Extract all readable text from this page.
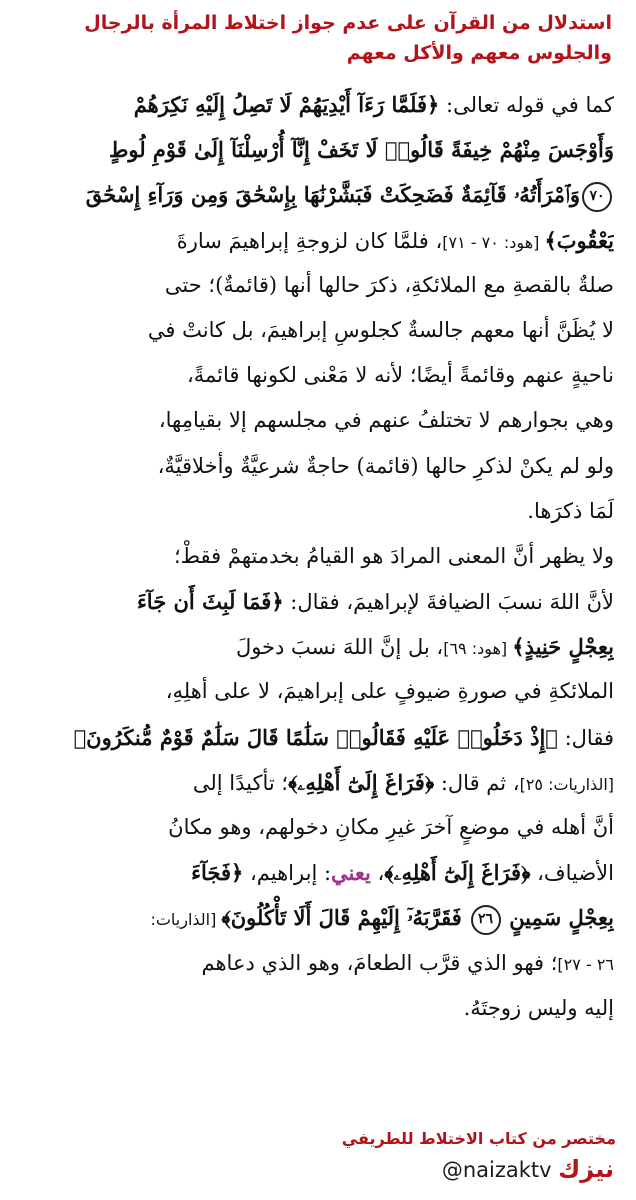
استدلال من القرآن على عدم جواز اختلاط المرأة بالرجال
والجلوس معهم والأكل معهم
كما في قوله تعالى: ﴿فَلَمَّا رَءَآ أَيْدِيَهُمْ لَا تَصِلُ إِلَيْهِ نَكِرَهُمْ
وَأَوْجَسَ مِنْهُمْ خِيفَةً قَالُوا۟ لَا تَخَفْ إِنَّآ أُرْسِلْنَآ إِلَىٰ قَوْمِ لُوطٍ
٧٠وَٱمْرَأَتُهُۥ قَآئِمَةٌ فَضَحِكَتْ فَبَشَّرْنَٰهَا بِإِسْحَٰقَ وَمِن وَرَآءِ إِسْحَٰقَ
يَعْقُوبَ﴾ [هود: ٧٠ - ٧١]، فلمَّا كان لزوجةِ إبراهيمَ سارةَ
صلةٌ بالقصةِ مع الملائكةِ، ذكرَ حالها أنها (قائمةٌ)؛ حتى
لا يُظَنَّ أنها معهم جالسةٌ كجلوسِ إبراهيمَ، بل كانتْ في
ناحيةٍ عنهم وقائمةً أيضًا؛ لأنه لا مَعْنى لكونها قائمةً،
وهي بجوارهم لا تختلفُ عنهم في مجلسهم إلا بقيامِها،
ولو لم يكنْ لذكرِ حالها (قائمة) حاجةٌ شرعيَّةٌ وأخلاقيَّةٌ،
لَمَا ذكرَها.
ولا يظهر أنَّ المعنى المرادَ هو القيامُ بخدمتهمْ فقطْ؛
لأنَّ اللهَ نسبَ الضيافةَ لإبراهيمَ، فقال: ﴿فَمَا لَبِثَ أَن جَآءَ
بِعِجْلٍ حَنِيذٍ﴾ [هود: ٦٩]، بل إنَّ اللهَ نسبَ دخولَ
الملائكةِ في صورةِ ضيوفٍ على إبراهيمَ، لا على أهلِهِ،
فقال: ﴿إِذْ دَخَلُوا۟ عَلَيْهِ فَقَالُوا۟ سَلَٰمًا قَالَ سَلَٰمٌ قَوْمٌ مُّنكَرُونَ﴾
[الذاريات: ٢٥]، ثم قال: ﴿فَرَاغَ إِلَىٰٓ أَهْلِهِۦ﴾؛ تأكيدًا إلى
أنَّ أهله في موضعٍ آخرَ غيرِ مكانِ دخولهم، وهو مكانُ
الأضياف، ﴿فَرَاغَ إِلَىٰٓ أَهْلِهِۦ﴾، يعني: إبراهيم، ﴿فَجَآءَ
بِعِجْلٍ سَمِينٍ ٢٦ فَقَرَّبَهُۥٓ إِلَيْهِمْ قَالَ أَلَا تَأْكُلُونَ﴾ [الذاريات:
٢٦ - ٢٧]؛ فهو الذي قرَّب الطعامَ، وهو الذي دعاهم
إليه وليس زوجتَهُ.
مختصر من كتاب الاختلاط للطريفي
نيزك @naizaktv
